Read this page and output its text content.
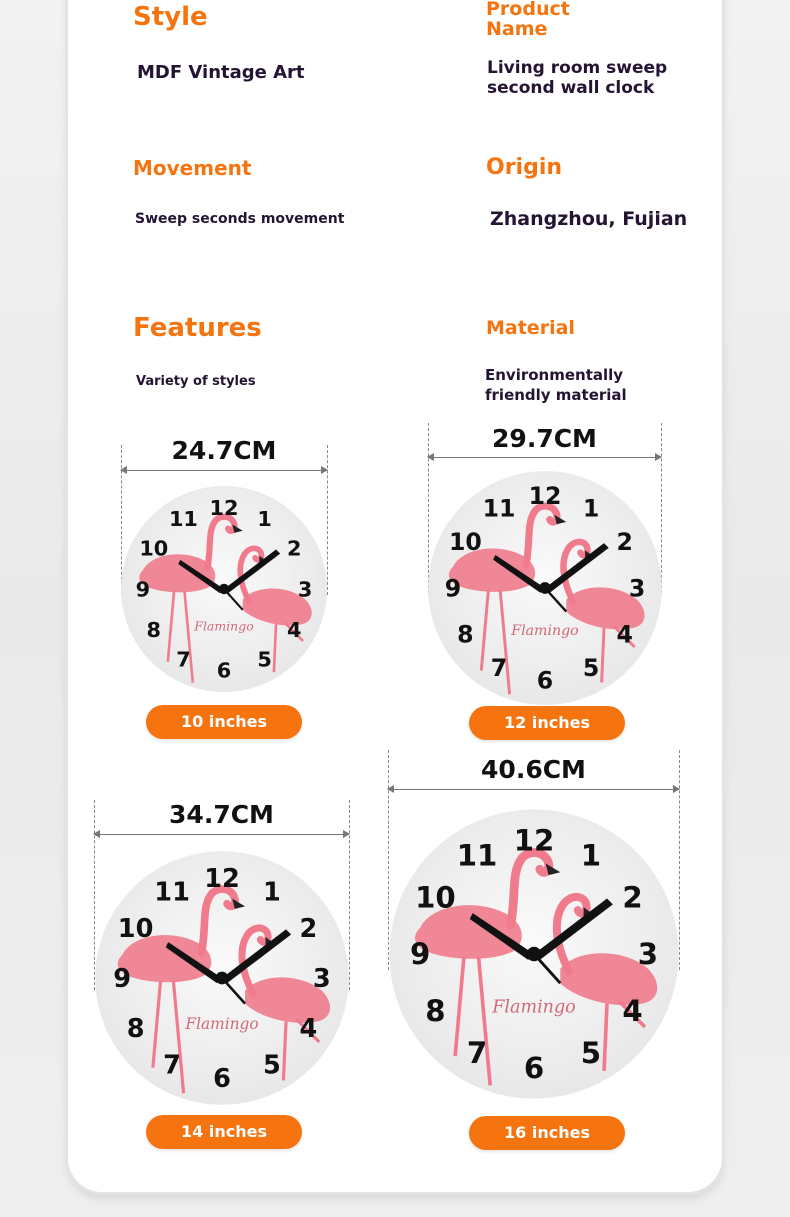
Style
MDF Vintage Art
Product
Name
Living room sweep
second wall clock
Movement
Sweep seconds movement
Origin
Zhangzhou, Fujian
Features
Variety of styles
Material
Environmentally
friendly material
24.7CM
Flamingo
12 1
2
3
4
5
6
7
8
9
10
11
10 inches
29.7CM
Flamingo
12 1
2
3
4
5
6
7
8
9
10
11
12 inches
34.7CM
Flamingo
12 1
2
3
4
5
6
7
8
9
10
11
14 inches
40.6CM
Flamingo
12 1
2
3
4
5
6
7
8
9
10
11
16 inches
